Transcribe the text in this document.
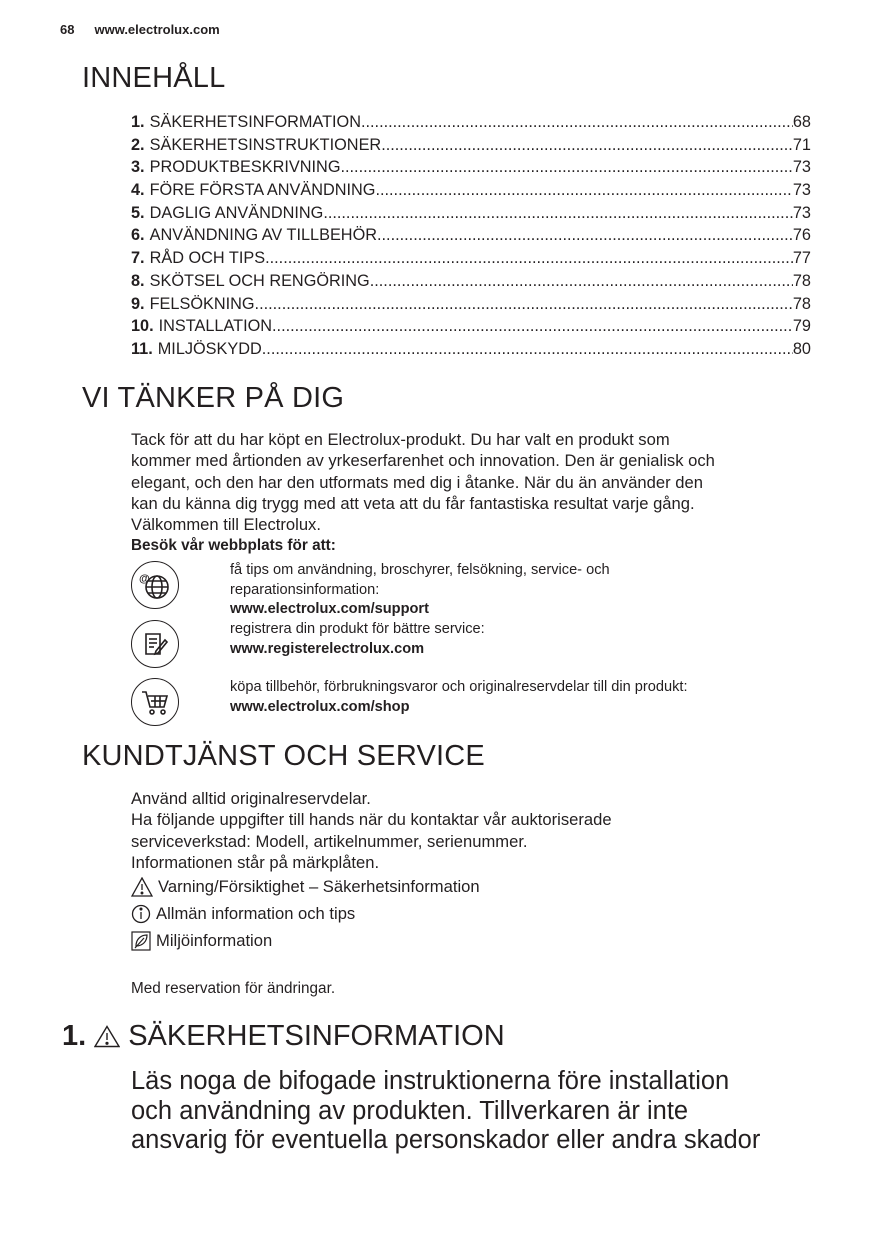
68 www.electrolux.com
INNEHÅLL
1. SÄKERHETSINFORMATION .....	68
2. SÄKERHETSINSTRUKTIONER .....	71
3. PRODUKTBESKRIVNING .....	73
4. FÖRE FÖRSTA ANVÄNDNING .....	73
5. DAGLIG ANVÄNDNING .....	73
6. ANVÄNDNING AV TILLBEHÖR .....	76
7. RÅD OCH TIPS .....	77
8. SKÖTSEL OCH RENGÖRING .....	78
9. FELSÖKNING .....	78
10. INSTALLATION .....	79
11. MILJÖSKYDD .....	80
VI TÄNKER PÅ DIG

Tack för att du har köpt en Electrolux-produkt. Du har valt en produkt som

kommer med årtionden av yrkeserfarenhet och innovation. Den är genialisk och

elegant, och den har den utformats med dig i åtanke. När du än använder den

kan du känna dig trygg med att veta att du får fantastiska resultat varje gång.

Välkommen till Electrolux.

Besök vår webbplats för att:

@

få tips om användning, broschyrer, felsökning, service- och

reparationsinformation:

www.electrolux.com/support

registrera din produkt för bättre service:

www.registerelectrolux.com

köpa tillbehör, förbrukningsvaror och originalreservdelar till din produkt:

www.electrolux.com/shop

KUNDTJÄNST OCH SERVICE

Använd alltid originalreservdelar.

Ha följande uppgifter till hands när du kontaktar vår auktoriserade

serviceverkstad: Modell, artikelnummer, serienummer.

Informationen står på märkplåten.

Varning/Försiktighet – Säkerhetsinformation
Allmän information och tips
Miljöinformation
Med reservation för ändringar.
1. SÄKERHETSINFORMATION

Läs noga de bifogade instruktionerna före installation

och användning av produkten. Tillverkaren är inte

ansvarig för eventuella personskador eller andra skador
